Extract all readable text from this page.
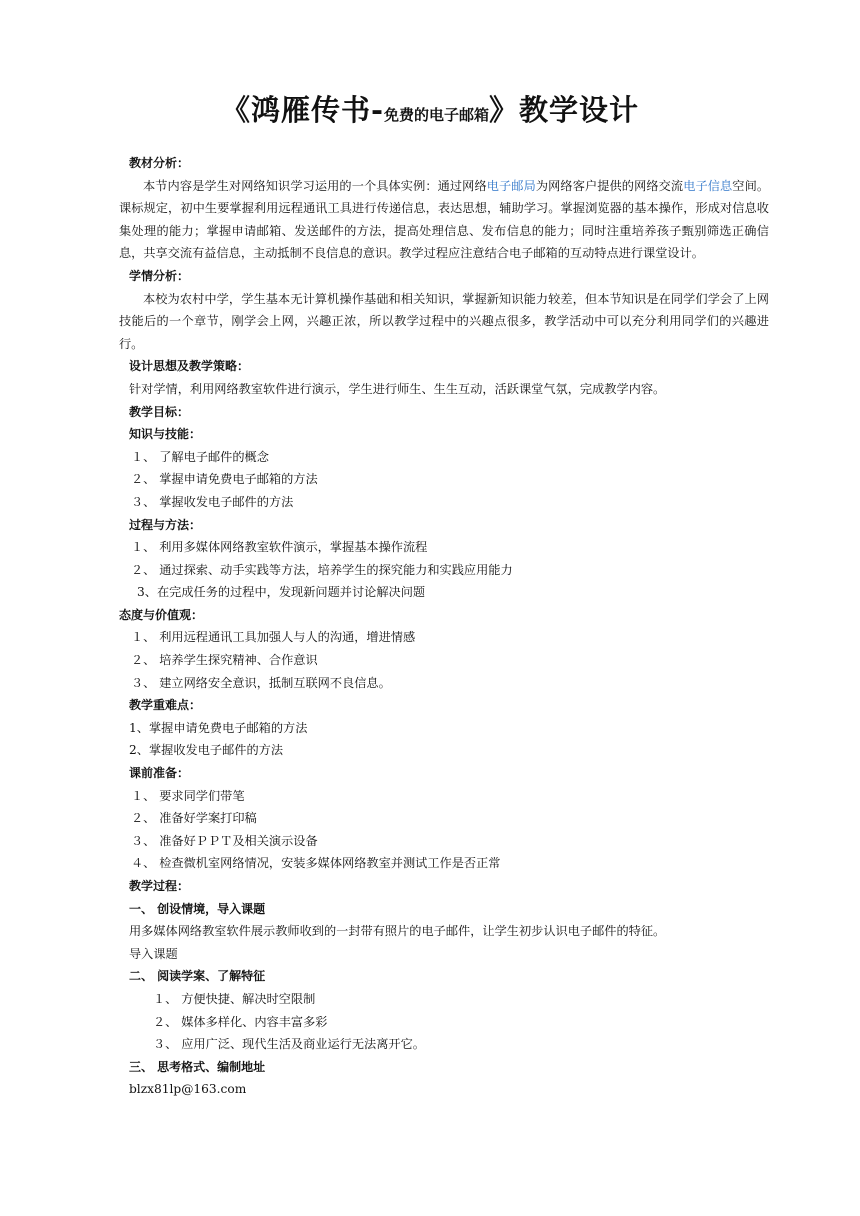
《鸿雁传书-免费的电子邮箱》教学设计
教材分析：

本节内容是学生对网络知识学习运用的一个具体实例：通过网络电子邮局为网络客户提供的网络交流电子信息空间。课标规定，初中生要掌握利用远程通讯工具进行传递信息，表达思想，辅助学习。掌握浏览器的基本操作，形成对信息收集处理的能力；掌握申请邮箱、发送邮件的方法，提高处理信息、发布信息的能力；同时注重培养孩子甄别筛选正确信息，共享交流有益信息，主动抵制不良信息的意识。教学过程应注意结合电子邮箱的互动特点进行课堂设计。

学情分析：

本校为农村中学，学生基本无计算机操作基础和相关知识，掌握新知识能力较差，但本节知识是在同学们学会了上网技能后的一个章节，刚学会上网，兴趣正浓，所以教学过程中的兴趣点很多，教学活动中可以充分利用同学们的兴趣进行。

设计思想及教学策略：
针对学情，利用网络教室软件进行演示，学生进行师生、生生互动，活跃课堂气氛，完成教学内容。
教学目标：
知识与技能：
１、 了解电子邮件的概念
２、 掌握申请免费电子邮箱的方法
３、 掌握收发电子邮件的方法
过程与方法：
１、 利用多媒体网络教室软件演示，掌握基本操作流程
２、 通过探索、动手实践等方法，培养学生的探究能力和实践应用能力
3、在完成任务的过程中，发现新问题并讨论解决问题
态度与价值观：
１、 利用远程通讯工具加强人与人的沟通，增进情感
２、 培养学生探究精神、合作意识
３、 建立网络安全意识，抵制互联网不良信息。
教学重难点：
1、掌握申请免费电子邮箱的方法
2、掌握收发电子邮件的方法
课前准备：
１、 要求同学们带笔
２、 准备好学案打印稿
３、 准备好ＰＰＴ及相关演示设备
４、 检查微机室网络情况，安装多媒体网络教室并测试工作是否正常
教学过程：
一、 创设情境，导入课题
用多媒体网络教室软件展示教师收到的一封带有照片的电子邮件，让学生初步认识电子邮件的特征。
导入课题
二、 阅读学案、了解特征
１、 方便快捷、解决时空限制
２、 媒体多样化、内容丰富多彩
３、 应用广泛、现代生活及商业运行无法离开它。
三、 思考格式、编制地址
blzx81lp@163.com
